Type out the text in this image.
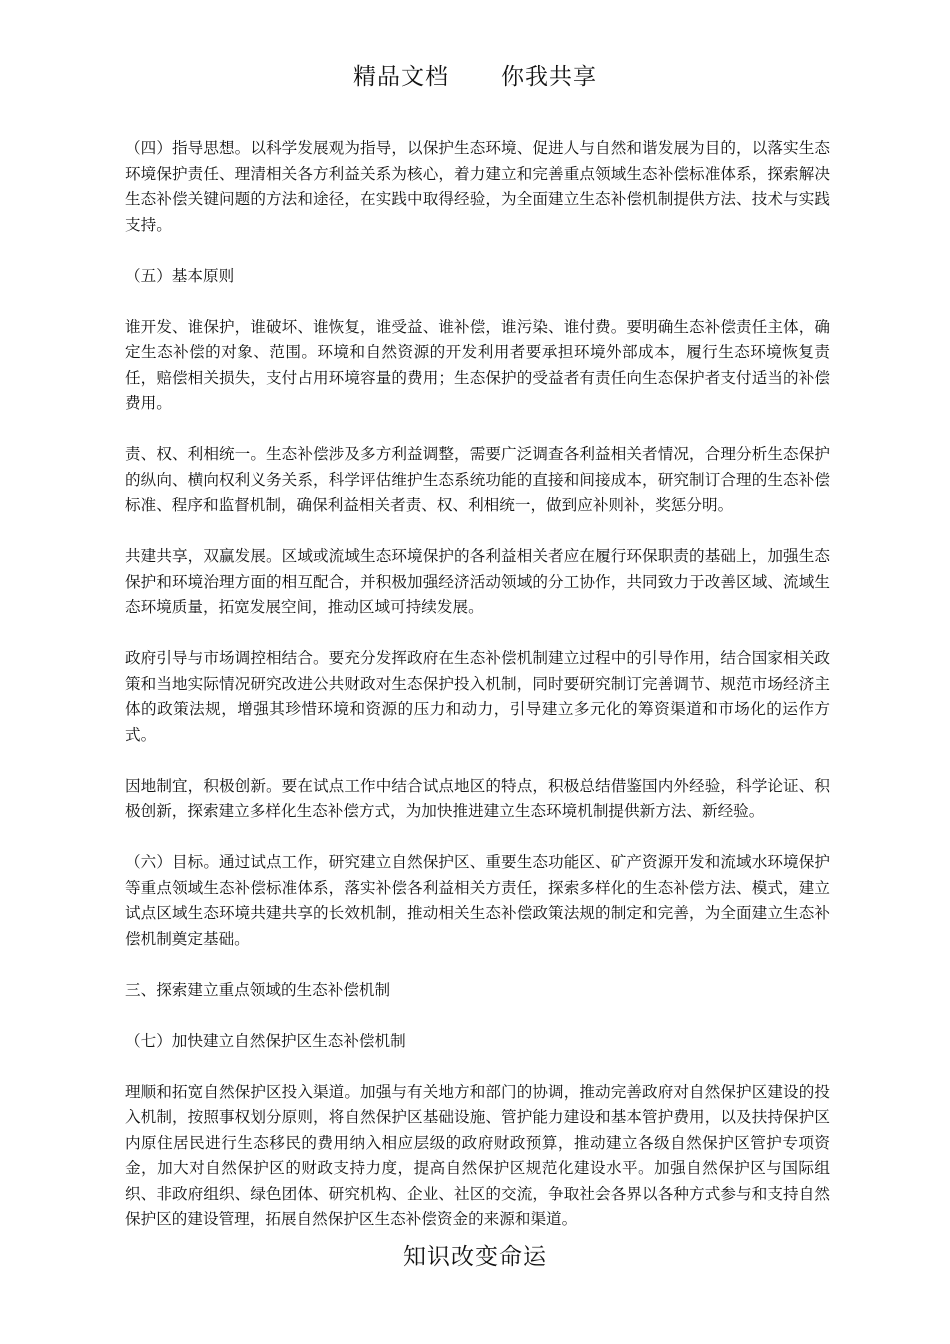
精品文档 你我共享

（四）指导思想。以科学发展观为指导，以保护生态环境、促进人与自然和谐发展为目的，以落实生态环境保护责任、理清相关各方利益关系为核心，着力建立和完善重点领域生态补偿标准体系，探索解决生态补偿关键问题的方法和途径，在实践中取得经验，为全面建立生态补偿机制提供方法、技术与实践支持。

（五）基本原则

谁开发、谁保护，谁破坏、谁恢复，谁受益、谁补偿，谁污染、谁付费。要明确生态补偿责任主体，确定生态补偿的对象、范围。环境和自然资源的开发利用者要承担环境外部成本，履行生态环境恢复责任，赔偿相关损失，支付占用环境容量的费用；生态保护的受益者有责任向生态保护者支付适当的补偿费用。

责、权、利相统一。生态补偿涉及多方利益调整，需要广泛调查各利益相关者情况，合理分析生态保护的纵向、横向权利义务关系，科学评估维护生态系统功能的直接和间接成本，研究制订合理的生态补偿标准、程序和监督机制，确保利益相关者责、权、利相统一，做到应补则补，奖惩分明。

共建共享，双赢发展。区域或流域生态环境保护的各利益相关者应在履行环保职责的基础上，加强生态保护和环境治理方面的相互配合，并积极加强经济活动领域的分工协作，共同致力于改善区域、流域生态环境质量，拓宽发展空间，推动区域可持续发展。

政府引导与市场调控相结合。要充分发挥政府在生态补偿机制建立过程中的引导作用，结合国家相关政策和当地实际情况研究改进公共财政对生态保护投入机制，同时要研究制订完善调节、规范市场经济主体的政策法规，增强其珍惜环境和资源的压力和动力，引导建立多元化的筹资渠道和市场化的运作方式。

因地制宜，积极创新。要在试点工作中结合试点地区的特点，积极总结借鉴国内外经验，科学论证、积极创新，探索建立多样化生态补偿方式，为加快推进建立生态环境机制提供新方法、新经验。

（六）目标。通过试点工作，研究建立自然保护区、重要生态功能区、矿产资源开发和流域水环境保护等重点领域生态补偿标准体系，落实补偿各利益相关方责任，探索多样化的生态补偿方法、模式，建立试点区域生态环境共建共享的长效机制，推动相关生态补偿政策法规的制定和完善，为全面建立生态补偿机制奠定基础。

三、探索建立重点领域的生态补偿机制

（七）加快建立自然保护区生态补偿机制

理顺和拓宽自然保护区投入渠道。加强与有关地方和部门的协调，推动完善政府对自然保护区建设的投入机制，按照事权划分原则，将自然保护区基础设施、管护能力建设和基本管护费用，以及扶持保护区内原住居民进行生态移民的费用纳入相应层级的政府财政预算，推动建立各级自然保护区管护专项资金，加大对自然保护区的财政支持力度，提高自然保护区规范化建设水平。加强自然保护区与国际组织、非政府组织、绿色团体、研究机构、企业、社区的交流，争取社会各界以各种方式参与和支持自然保护区的建设管理，拓展自然保护区生态补偿资金的来源和渠道。

知识改变命运
